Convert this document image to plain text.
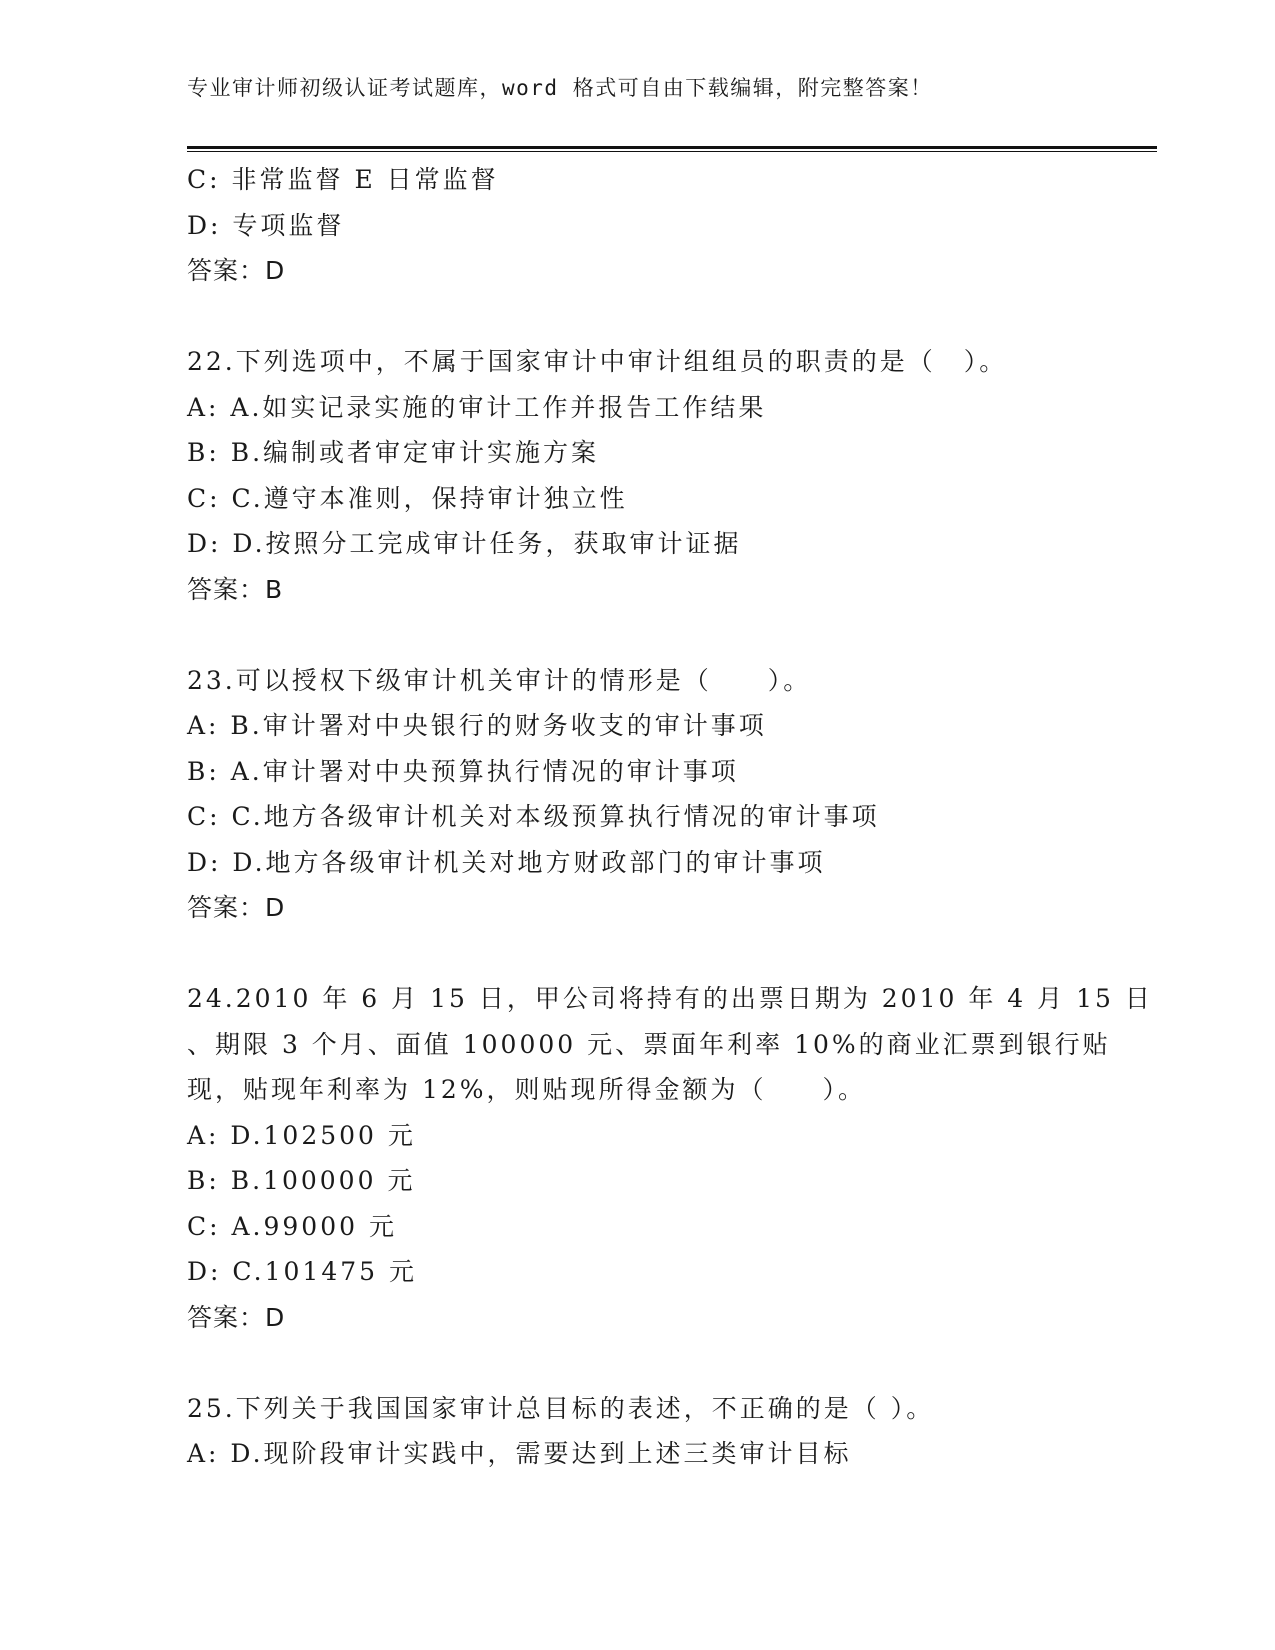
专业审计师初级认证考试题库，word 格式可自由下载编辑，附完整答案！
C: 非常监督 E 日常监督
D: 专项监督
答案：D
22.下列选项中，不属于国家审计中审计组组员的职责的是（　）。
A: A.如实记录实施的审计工作并报告工作结果
B: B.编制或者审定审计实施方案
C: C.遵守本准则，保持审计独立性
D: D.按照分工完成审计任务，获取审计证据
答案：B
23.可以授权下级审计机关审计的情形是（　　）。
A: B.审计署对中央银行的财务收支的审计事项
B: A.审计署对中央预算执行情况的审计事项
C: C.地方各级审计机关对本级预算执行情况的审计事项
D: D.地方各级审计机关对地方财政部门的审计事项
答案：D
24.2010 年 6 月 15 日，甲公司将持有的出票日期为 2010 年 4 月 15 日
、期限 3 个月、面值 100000 元、票面年利率 10%的商业汇票到银行贴
现，贴现年利率为 12%，则贴现所得金额为（　　）。
A: D.102500 元
B: B.100000 元
C: A.99000 元
D: C.101475 元
答案：D
25.下列关于我国国家审计总目标的表述，不正确的是（ ）。
A: D.现阶段审计实践中，需要达到上述三类审计目标
